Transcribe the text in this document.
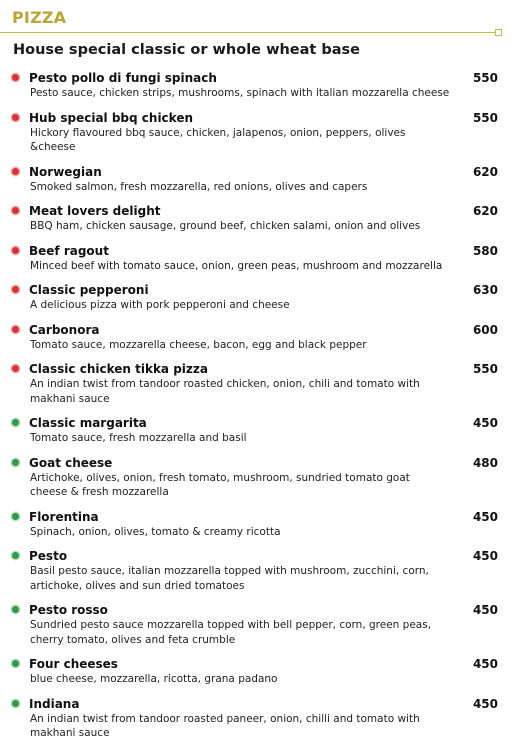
PIZZA
House special classic or whole wheat base
Pesto pollo di fungi spinach	550
Pesto sauce, chicken strips, mushrooms, spinach with italian mozzarella cheese
Hub special bbq chicken	550
Hickory flavoured bbq sauce, chicken, jalapenos, onion, peppers, olives &cheese
Norwegian	620
Smoked salmon, fresh mozzarella, red onions, olives and capers
Meat lovers delight	620
BBQ ham, chicken sausage, ground beef, chicken salami, onion and olives
Beef ragout	580
Minced beef with tomato sauce, onion, green peas, mushroom and mozzarella
Classic pepperoni	630
A delicious pizza with pork pepperoni and cheese
Carbonora	600
Tomato sauce, mozzarella cheese, bacon, egg and black pepper
Classic chicken tikka pizza	550
An indian twist from tandoor roasted chicken, onion, chili and tomato with makhani sauce
Classic margarita	450
Tomato sauce, fresh mozzarella and basil
Goat cheese	480
Artichoke, olives, onion, fresh tomato, mushroom, sundried tomato goat cheese & fresh mozzarella
Florentina	450
Spinach, onion, olives, tomato & creamy ricotta
Pesto	450
Basil pesto sauce, italian mozzarella topped with mushroom, zucchini, corn, artichoke, olives and sun dried tomatoes
Pesto rosso	450
Sundried pesto sauce mozzarella topped with bell pepper, corn, green peas, cherry tomato, olives and feta crumble
Four cheeses	450
blue cheese, mozzarella, ricotta, grana padano
Indiana	450
An indian twist from tandoor roasted paneer, onion, chilli and tomato with makhani sauce
